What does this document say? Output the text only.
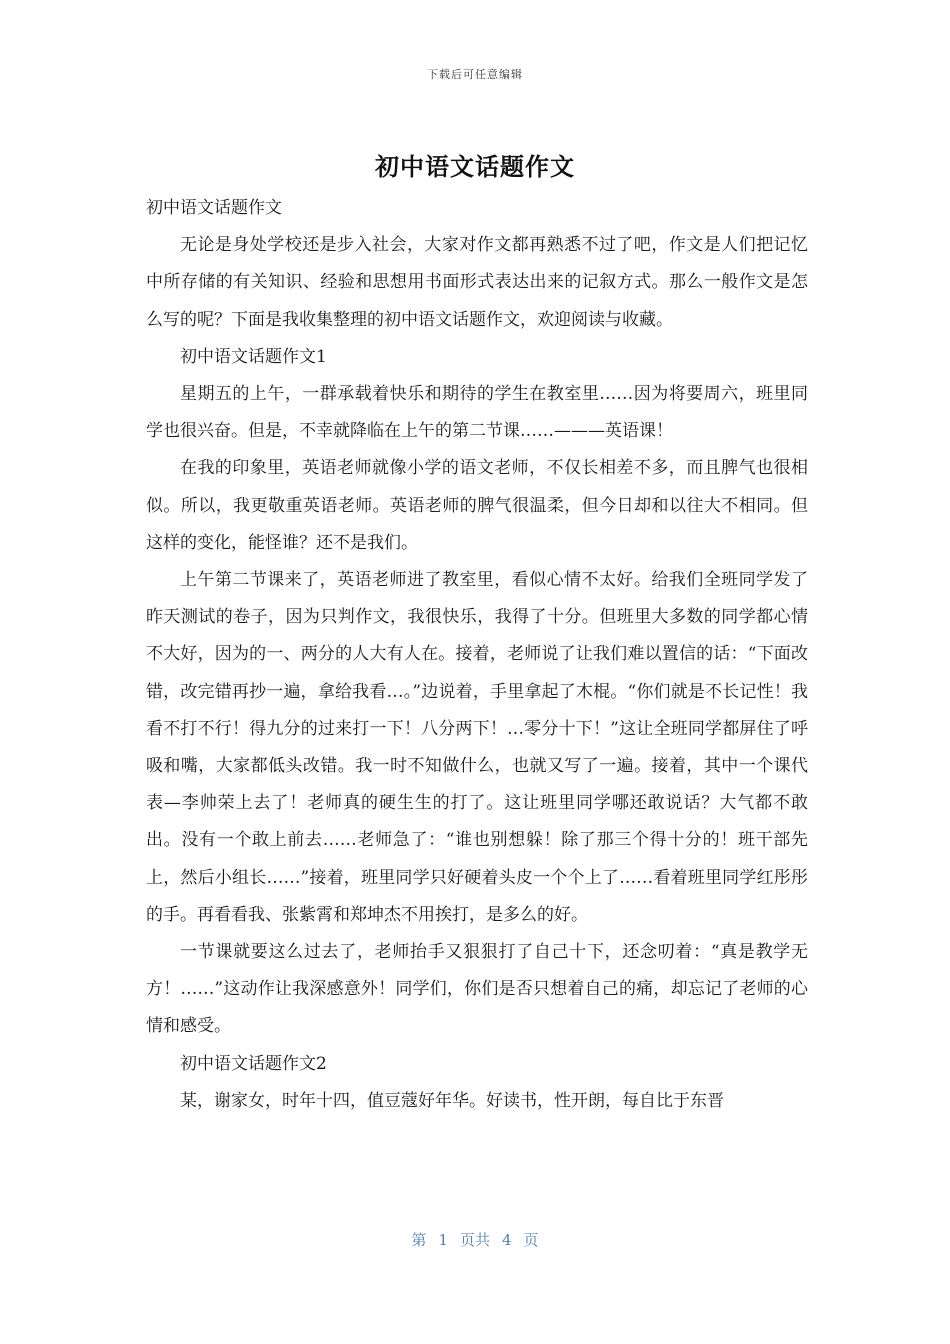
下载后可任意编辑
初中语文话题作文

初中语文话题作文

无论是身处学校还是步入社会，大家对作文都再熟悉不过了吧，作文是人们把记忆中所存储的有关知识、经验和思想用书面形式表达出来的记叙方式。那么一般作文是怎么写的呢？下面是我收集整理的初中语文话题作文，欢迎阅读与收藏。

初中语文话题作文1

星期五的上午，一群承载着快乐和期待的学生在教室里……因为将要周六，班里同学也很兴奋。但是，不幸就降临在上午的第二节课……———英语课！

在我的印象里，英语老师就像小学的语文老师，不仅长相差不多，而且脾气也很相似。所以，我更敬重英语老师。英语老师的脾气很温柔，但今日却和以往大不相同。但这样的变化，能怪谁？还不是我们。

上午第二节课来了，英语老师进了教室里，看似心情不太好。给我们全班同学发了昨天测试的卷子，因为只判作文，我很快乐，我得了十分。但班里大多数的同学都心情不大好，因为的一、两分的人大有人在。接着，老师说了让我们难以置信的话：“下面改错，改完错再抄一遍，拿给我看…。”边说着，手里拿起了木棍。“你们就是不长记性！我看不打不行！得九分的过来打一下！八分两下！…零分十下！”这让全班同学都屏住了呼吸和嘴，大家都低头改错。我一时不知做什么，也就又写了一遍。接着，其中一个课代表—李帅荣上去了！老师真的硬生生的打了。这让班里同学哪还敢说话？大气都不敢出。没有一个敢上前去……老师急了：“谁也别想躲！除了那三个得十分的！班干部先上，然后小组长……”接着，班里同学只好硬着头皮一个个上了……看着班里同学红彤彤的手。再看看我、张紫霄和郑坤杰不用挨打，是多么的好。

一节课就要这么过去了，老师抬手又狠狠打了自己十下，还念叨着：“真是教学无方！……”这动作让我深感意外！同学们，你们是否只想着自己的痛，却忘记了老师的心情和感受。

初中语文话题作文2

某，谢家女，时年十四，值豆蔻好年华。好读书，性开朗，每自比于东晋

第 1 页共 4 页
